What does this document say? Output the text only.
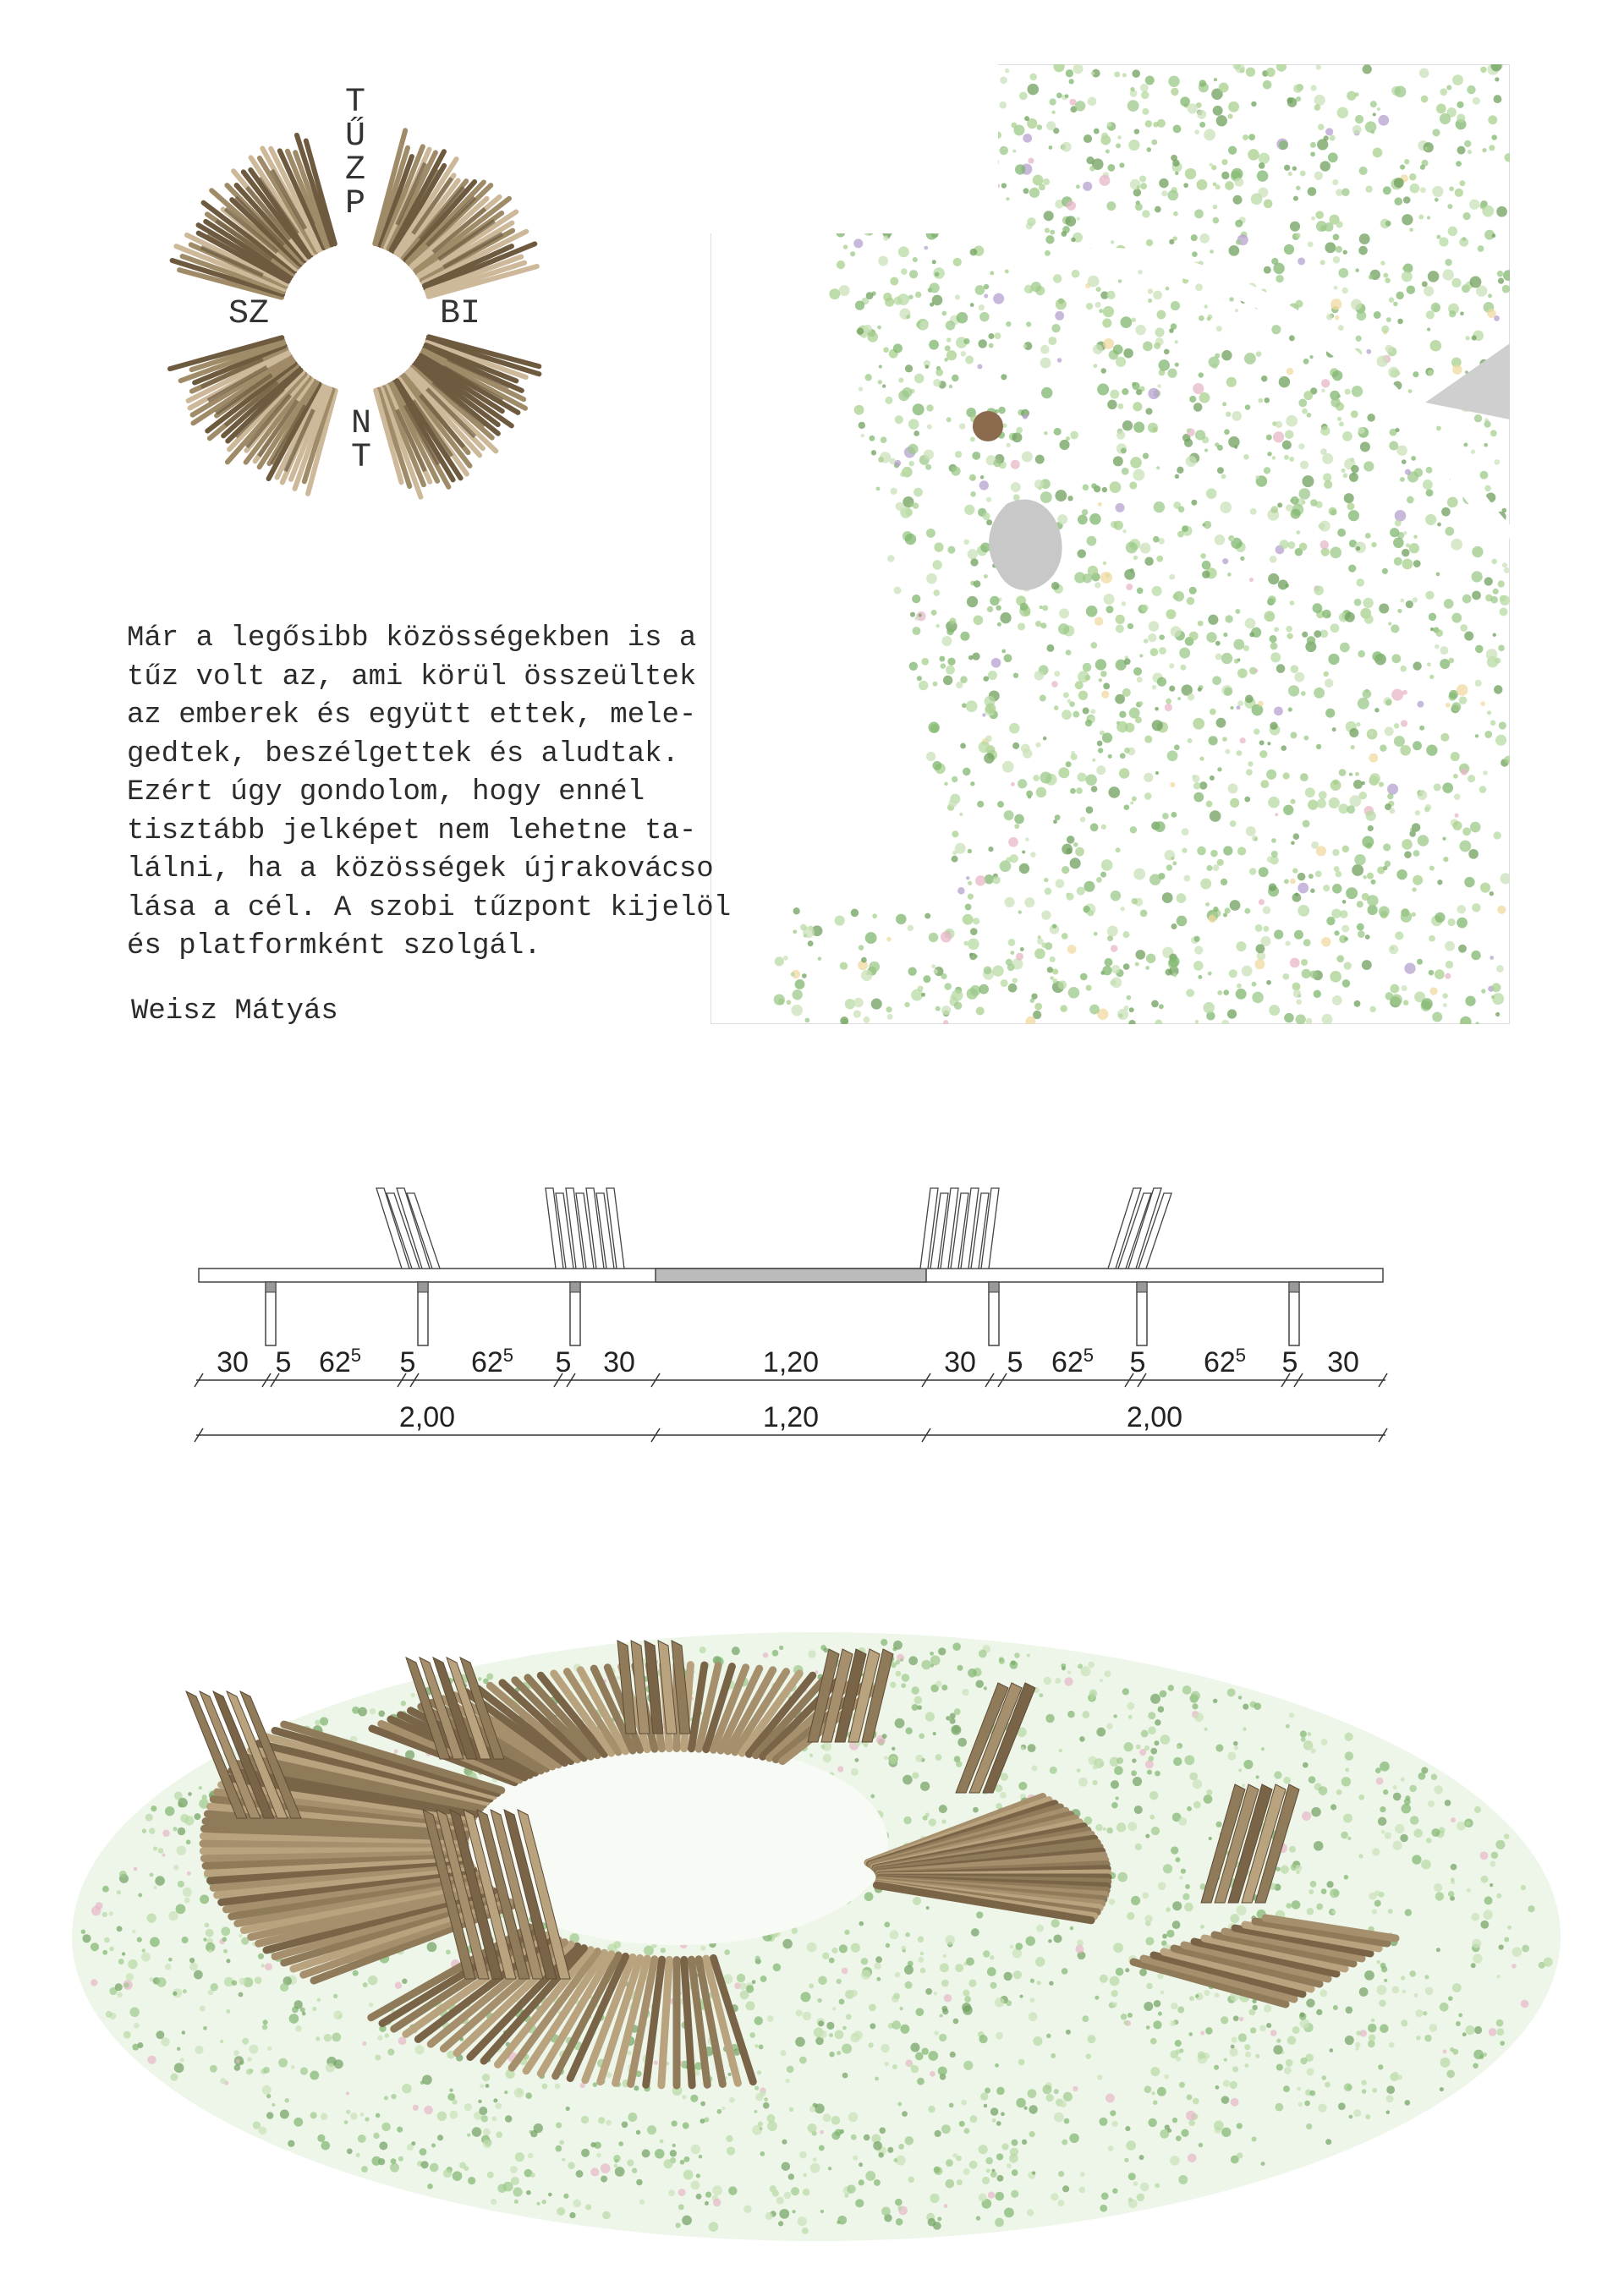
T
Ű
Z
P
SZ	BI
N
T
Már a legősibb közösségekben is a
tűz volt az, ami körül összeültek
az emberek és együtt ettek, mele-
gedtek, beszélgettek és aludtak.
Ezért úgy gondolom, hogy ennél
tisztább jelképet nem lehetne ta-
lálni, ha a közösségek újrakovácso
lása a cél. A szobi tűzpont kijelöl
és platformként szolgál.
Weisz Mátyás
30 5 $62^5$ 5 $62^5$ 5 30	1,20	30 5 $62^5$ 5 $62^5$ 5 30
2,00	1,20	2,00
